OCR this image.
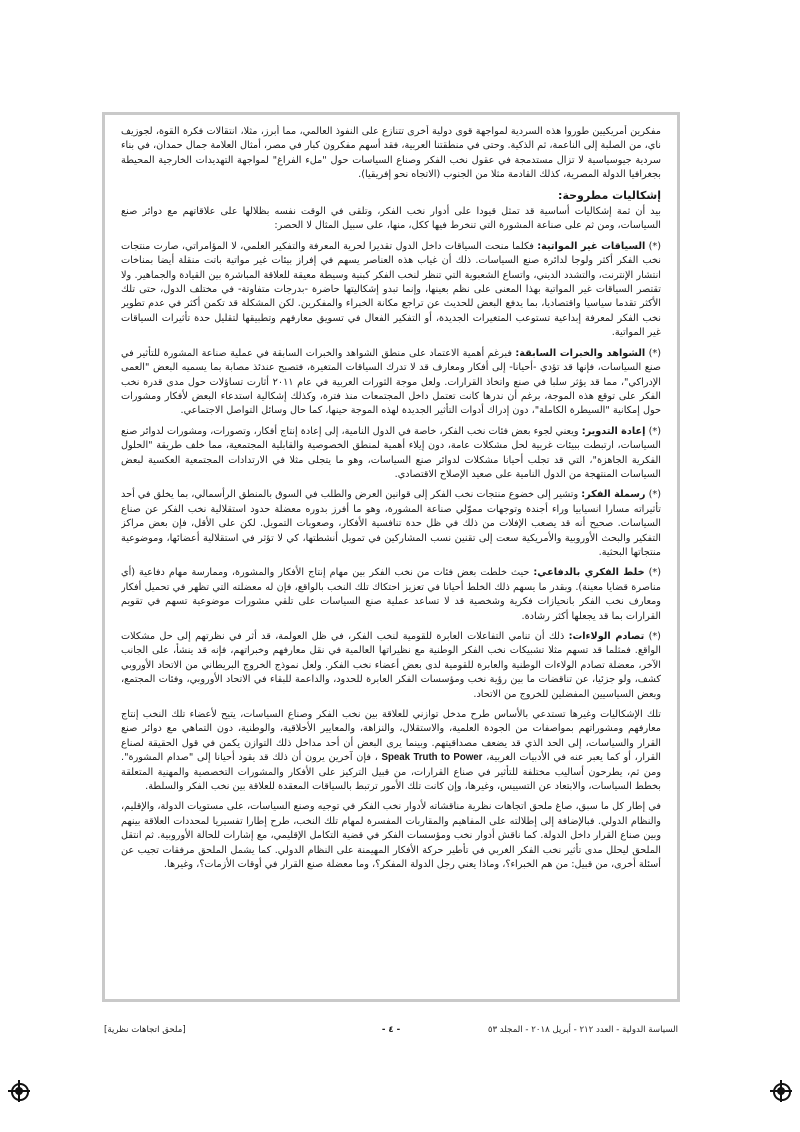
مفكرين أمريكيين طوروا هذه السردية لمواجهة قوى دولية أخرى تتنازع على النفوذ العالمي، مما أبرز، مثلا، انتقالات فكرة القوة، لجوزيف ناي، من الصلبة إلى الناعمة، ثم الذكية. وحتى في منطقتنا العربية، فقد أسهم مفكرون كبار في مصر، أمثال العلامة جمال حمدان، في بناء سردية جيوسياسية لا تزال مستدمجة في عقول نخب الفكر وصناع السياسات حول "ملء الفراغ" لمواجهة التهديدات الخارجية المحيطة بجغرافيا الدولة المصرية، كذلك القادمة مثلا من الجنوب (الاتجاه نحو إفريقيا).

إشكاليات مطروحة:

بيد أن ثمة إشكاليات أساسية قد تمثل قيودا على أدوار نخب الفكر، وتلقى في الوقت نفسه بظلالها على علاقاتهم مع دوائر صنع السياسات، ومن ثم على صناعة المشورة التي تنخرط فيها ككل، منها، على سبيل المثال لا الحصر:

(*) السياقات غير المواتية: فكلما منحت السياقات داخل الدول تقديرا لحرية المعرفة والتفكير العلمي، لا المؤامراتي، صارت منتجات نخب الفكر أكثر ولوجا لدائرة صنع السياسات. ذلك أن غياب هذه العناصر يسهم في إفراز بيئات غير مواتية باتت منقلة أيضا بمناخات انتشار الإنترنت، والتشدد الديني، واتساع الشعبوية التي تنظر لنخب الفكر كبنية وسيطة معيقة للعلاقة المباشرة بين القيادة والجماهير. ولا تقتصر السياقات غير المواتية بهذا المعنى على نظم بعينها، وإنما تبدو إشكاليتها حاضرة -بدرجات متفاوتة- في مختلف الدول، حتى تلك الأكثر تقدما سياسيا واقتصاديا، بما يدفع البعض للحديث عن تراجع مكانة الخبراء والمفكرين. لكن المشكلة قد تكمن أكثر في عدم تطوير نخب الفكر لمعرفة إبداعية تستوعب المتغيرات الجديدة، أو التفكير الفعال في تسويق معارفهم وتطبيقها لتقليل حدة تأثيرات السياقات غير المواتية.

(*) الشواهد والخبرات السابقة: فبرغم أهمية الاعتماد على منطق الشواهد والخبرات السابقة في عملية صناعة المشورة للتأثير في صنع السياسات، فإنها قد تؤدي -أحيانا- إلى أفكار ومعارف قد لا تدرك السياقات المتغيرة، فتصبح عندئذ مصابة بما يسميه البعض "العمى الإدراكي"، مما قد يؤثر سلبا في صنع واتخاذ القرارات. ولعل موجة الثورات العربية في عام ٢٠١١ أثارت تساؤلات حول مدى قدرة نخب الفكر على توقع هذه الموجة، برغم أن ندرها كانت تعتمل داخل المجتمعات منذ فترة، وكذلك إشكالية استدعاء البعض لأفكار ومشورات حول إمكانية "السيطرة الكاملة"، دون إدراك أدوات التأثير الجديدة لهذه الموجة حينها، كما حال وسائل التواصل الاجتماعي.

(*) إعادة التدوير: ويعني لجوء بعض فئات نخب الفكر، خاصة في الدول النامية، إلى إعادة إنتاج أفكار، وتصورات، ومشورات لدوائر صنع السياسات، ارتبطت ببيئات غربية لحل مشكلات عامة، دون إيلاء أهمية لمنطق الخصوصية والقابلية المجتمعية، مما خلف طريقة "الحلول الفكرية الجاهزة"، التي قد تجلب أحيانا مشكلات لدوائر صنع السياسات، وهو ما يتجلى مثلا في الارتدادات المجتمعية العكسية لبعض السياسات المنتهجة من الدول النامية على صعيد الإصلاح الاقتصادي.

(*) رسملة الفكر: وتشير إلى خضوع منتجات نخب الفكر إلى قوانين العرض والطلب في السوق بالمنطق الرأسمالي، بما يخلق في أحد تأثيراته مسارا انسيابيا وراء أجندة وتوجهات مموّلي صناعة المشورة، وهو ما أفرز بدوره معضلة حدود استقلالية نخب الفكر عن صناع السياسات. صحيح أنه قد يصعب الإفلات من ذلك في ظل حدة تنافسية الأفكار، وصعوبات التمويل. لكن على الأقل، فإن بعض مراكز التفكير والبحث الأوروبية والأمريكية سعت إلى تقنين نسب المشاركين في تمويل أنشطتها، كي لا تؤثر في استقلالية أعضائها، وموضوعية منتجاتها البحثية.

(*) خلط الفكري بالدفاعي: حيث خلطت بعض فئات من نخب الفكر بين مهام إنتاج الأفكار والمشورة، وممارسة مهام دفاعية (أي مناصرة قضايا معينة). وبقدر ما يسهم ذلك الخلط أحيانا في تعزيز احتكاك تلك النخب بالواقع، فإن له معضلته التي تظهر في تحميل أفكار ومعارف نخب الفكر بانحيازات فكرية وشخصية قد لا تساعد عملية صنع السياسات على تلقي مشورات موضوعية تسهم في تقويم القرارات بما قد يجعلها أكثر رشادة.

(*) تصادم الولاءات: ذلك أن تنامي التفاعلات العابرة للقومية لنخب الفكر، في ظل العولمة، قد أثر في نظرتهم إلى حل مشكلات الواقع. فمثلما قد تسهم مثلا تشبيكات نخب الفكر الوطنية مع نظيراتها العالمية في نقل معارفهم وخبراتهم، فإنه قد ينشأ، على الجانب الآخر، معضلة تصادم الولاءات الوطنية والعابرة للقومية لدى بعض أعضاء نخب الفكر. ولعل نموذج الخروج البريطاني من الاتحاد الأوروبي كشف، ولو جزئيا، عن تناقضات ما بين رؤية نخب ومؤسسات الفكر العابرة للحدود، والداعمة للبقاء في الاتحاد الأوروبي، وفئات المجتمع، وبعض السياسيين المفضلين للخروج من الاتحاد.

تلك الإشكاليات وغيرها تستدعي بالأساس طرح مدخل توازني للعلاقة بين نخب الفكر وصناع السياسات، يتيح لأعضاء تلك النخب إنتاج معارفهم ومشوراتهم بمواصفات من الجودة العلمية، والاستقلال، والنزاهة، والمعايير الأخلاقية، والوطنية، دون التماهي مع دوائر صنع القرار والسياسات، إلى الحد الذي قد يضعف مصداقيتهم. وبينما يرى البعض أن أحد مداخل ذلك التوازن يكمن في قول الحقيقة لصناع القرار، أو كما يعبر عنه في الأدبيات الغربية، Speak Truth to Power ، فإن آخرين يرون أن ذلك قد يقود أحيانا إلى "صدام المشورة". ومن ثم، يطرحون أساليب مختلفة للتأثير في صناع القرارات، من قبيل التركيز على الأفكار والمشورات التخصصية والمهنية المتعلقة بخطط السياسات، والابتعاد عن التسييس، وغيرها، وإن كانت تلك الأمور ترتبط بالسياقات المعقدة للعلاقة بين نخب الفكر والسلطة.

في إطار كل ما سبق، صاغ ملحق اتجاهات نظرية مناقشاته لأدوار نخب الفكر في توجيه وصنع السياسات، على مستويات الدولة، والإقليم، والنظام الدولي. فبالإضافة إلى إطلالته على المفاهيم والمقاربات المفسرة لمهام تلك النخب، طرح إطارا تفسيريا لمحددات العلاقة بينهم وبين صناع القرار داخل الدولة. كما ناقش أدوار نخب ومؤسسات الفكر في قضية التكامل الإقليمي، مع إشارات للحالة الأوروبية. ثم انتقل الملحق ليحلل مدى تأثير نخب الفكر الغربي في تأطير حركة الأفكار المهيمنة على النظام الدولي. كما يشمل الملحق مرفقات تجيب عن أسئلة أخرى، من قبيل: من هم الخبراء؟، وماذا يعني رجل الدولة المفكر؟، وما معضلة صنع القرار في أوقات الأزمات؟، وغيرها.

السياسة الدولية - العدد ٢١٢ - أبريل ٢٠١٨ - المجلد ٥٣
- ٤ -
[ملحق اتجاهات نظرية]
